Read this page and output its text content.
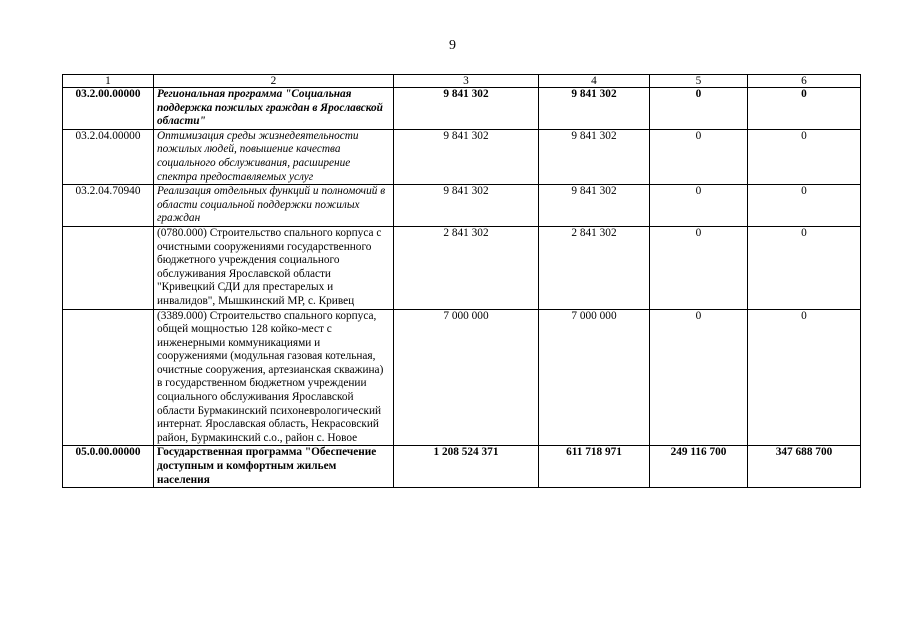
9
1	2	3	4	5	6
03.2.00.00000	Региональная программа "Социальная поддержка пожилых граждан в Ярославской области"	9 841 302	9 841 302	0	0
03.2.04.00000	Оптимизация среды жизнедеятельности пожилых людей, повышение качества социального обслуживания, расширение спектра предоставляемых услуг	9 841 302	9 841 302	0	0
03.2.04.70940	Реализация отдельных функций и полномочий в области социальной поддержки пожилых граждан	9 841 302	9 841 302	0	0
	(0780.000) Строительство спального корпуса с очистными сооружениями государственного бюджетного учреждения социального обслуживания Ярославской области "Кривецкий СДИ для престарелых и инвалидов", Мышкинский МР, с. Кривец	2 841 302	2 841 302	0	0
	(3389.000) Строительство спального корпуса, общей мощностью 128 койко-мест с инженерными коммуникациями и сооружениями (модульная газовая котельная, очистные сооружения, артезианская скважина) в государственном бюджетном учреждении социального обслуживания Ярославской области Бурмакинский психоневрологический интернат. Ярославская область, Некрасовский район, Бурмакинский с.о., район с. Новое	7 000 000	7 000 000	0	0
05.0.00.00000	Государственная программа "Обеспечение доступным и комфортным жильем населения	1 208 524 371	611 718 971	249 116 700	347 688 700
